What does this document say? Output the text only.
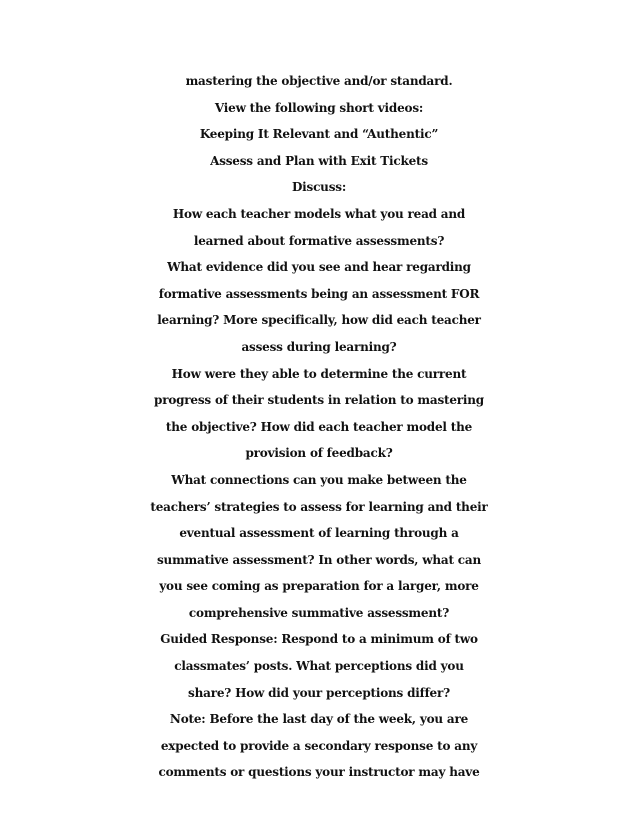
mastering the objective and/or standard.
View the following short videos:
Keeping It Relevant and “Authentic”
Assess and Plan with Exit Tickets
Discuss:
How each teacher models what you read and
learned about formative assessments?
What evidence did you see and hear regarding
formative assessments being an assessment FOR
learning? More specifically, how did each teacher
assess during learning?
How were they able to determine the current
progress of their students in relation to mastering
the objective? How did each teacher model the
provision of feedback?
What connections can you make between the
teachers’ strategies to assess for learning and their
eventual assessment of learning through a
summative assessment? In other words, what can
you see coming as preparation for a larger, more
comprehensive summative assessment?
Guided Response: Respond to a minimum of two
classmates’ posts. What perceptions did you
share? How did your perceptions differ?
Note: Before the last day of the week, you are
expected to provide a secondary response to any
comments or questions your instructor may have
